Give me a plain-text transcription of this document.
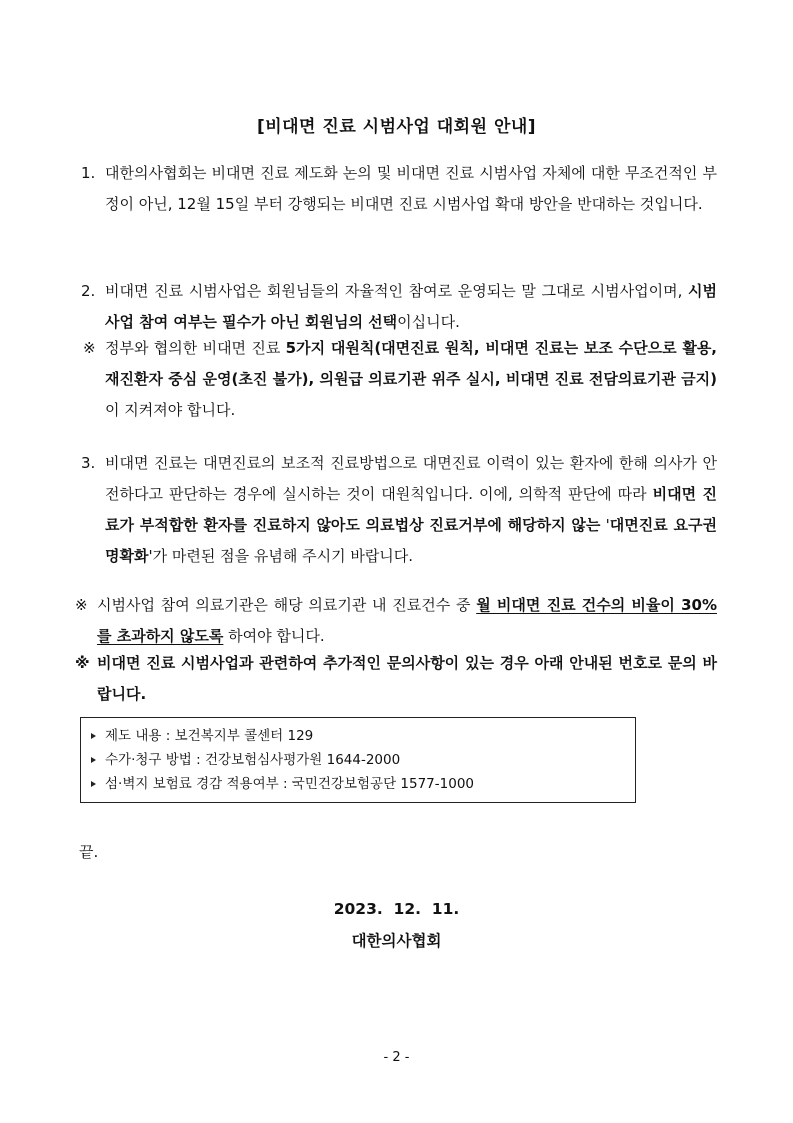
[비대면 진료 시범사업 대회원 안내]
1. 대한의사협회는 비대면 진료 제도화 논의 및 비대면 진료 시범사업 자체에 대한 무조건적인 부정이 아닌, 12월 15일 부터 강행되는 비대면 진료 시범사업 확대 방안을 반대하는 것입니다.
2. 비대면 진료 시범사업은 회원님들의 자율적인 참여로 운영되는 말 그대로 시범사업이며, 시범사업 참여 여부는 필수가 아닌 회원님의 선택이십니다.
※ 정부와 협의한 비대면 진료 5가지 대원칙(대면진료 원칙, 비대면 진료는 보조 수단으로 활용, 재진환자 중심 운영(초진 불가), 의원급 의료기관 위주 실시, 비대면 진료 전담의료기관 금지)이 지켜져야 합니다.
3. 비대면 진료는 대면진료의 보조적 진료방법으로 대면진료 이력이 있는 환자에 한해 의사가 안전하다고 판단하는 경우에 실시하는 것이 대원칙입니다. 이에, 의학적 판단에 따라 비대면 진료가 부적합한 환자를 진료하지 않아도 의료법상 진료거부에 해당하지 않는 '대면진료 요구권 명확화'가 마련된 점을 유념해 주시기 바랍니다.
※ 시범사업 참여 의료기관은 해당 의료기관 내 진료건수 중 월 비대면 진료 건수의 비율이 30%를 초과하지 않도록 하여야 합니다.
※ 비대면 진료 시범사업과 관련하여 추가적인 문의사항이 있는 경우 아래 안내된 번호로 문의 바랍니다.
제도 내용 : 보건복지부 콜센터 129
수가·청구 방법 : 건강보험심사평가원 1644-2000
섬·벽지 보험료 경감 적용여부 : 국민건강보험공단 1577-1000
끝.
2023.  12.  11.
대한의사협회
- 2 -
